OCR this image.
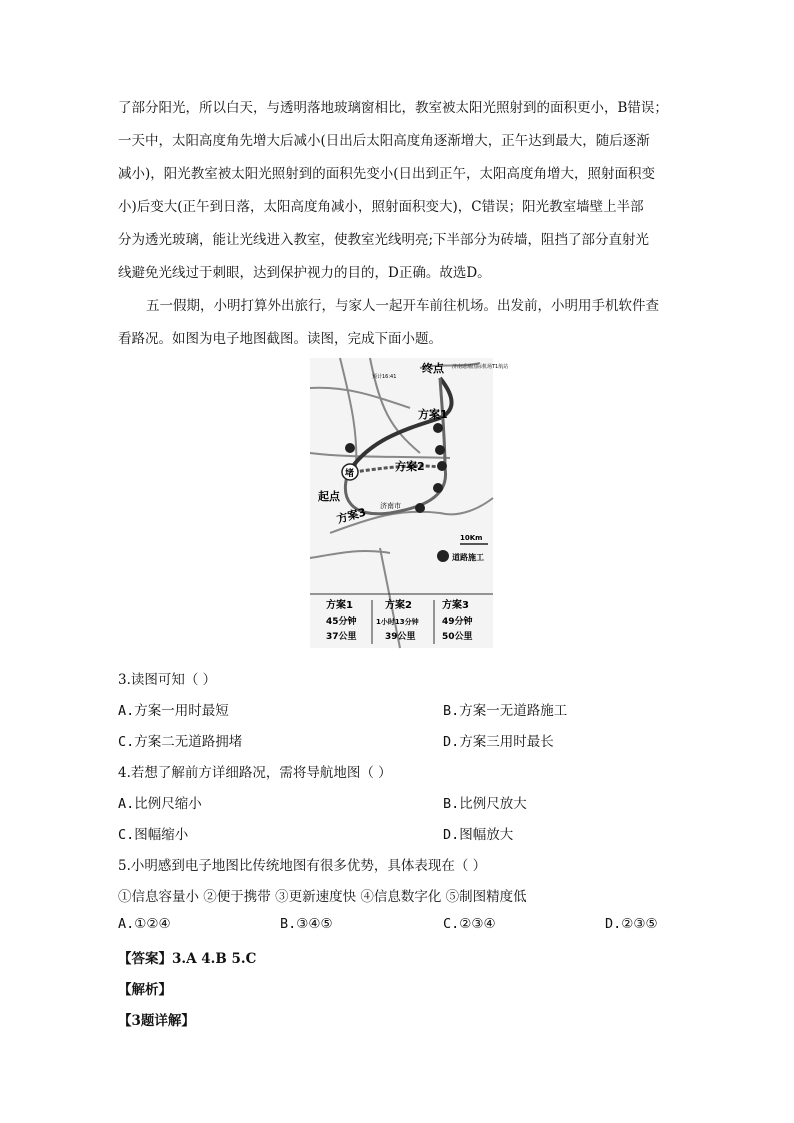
了部分阳光，所以白天，与透明落地玻璃窗相比，教室被太阳光照射到的面积更小，B错误；
一天中，太阳高度角先增大后减小(日出后太阳高度角逐渐增大，正午达到最大，随后逐渐
减小)，阳光教室被太阳光照射到的面积先变小(日出到正午，太阳高度角增大，照射面积变
小)后变大(正午到日落，太阳高度角减小，照射面积变大)，C错误；阳光教室墙壁上半部
分为透光玻璃，能让光线进入教室，使教室光线明亮;下半部分为砖墙，阻挡了部分直射光
线避免光线过于刺眼，达到保护视力的目的，D正确。故选D。
五一假期，小明打算外出旅行，与家人一起开车前往机场。出发前，小明用手机软件查
看路况。如图为电子地图截图。读图，完成下面小题。
终点 济南遥墙国际机场T1航站
预计16:41
方案1
方案2
方案3
堵
起点
济南市
10Km
道路施工
方案1	方案2	方案3
45分钟	1小时13分钟	49分钟
37公里	39公里	50公里
3.读图可知（ ）
A.方案一用时最短	B.方案一无道路施工
C.方案二无道路拥堵	D.方案三用时最长
4.若想了解前方详细路况，需将导航地图（ ）
A.比例尺缩小	B.比例尺放大
C.图幅缩小	D.图幅放大
5.小明感到电子地图比传统地图有很多优势，具体表现在（ ）
①信息容量小 ②便于携带 ③更新速度快 ④信息数字化 ⑤制图精度低
A.①②④	B.③④⑤	C.②③④	D.②③⑤
【答案】3.A 4.B 5.C
【解析】
【3题详解】
